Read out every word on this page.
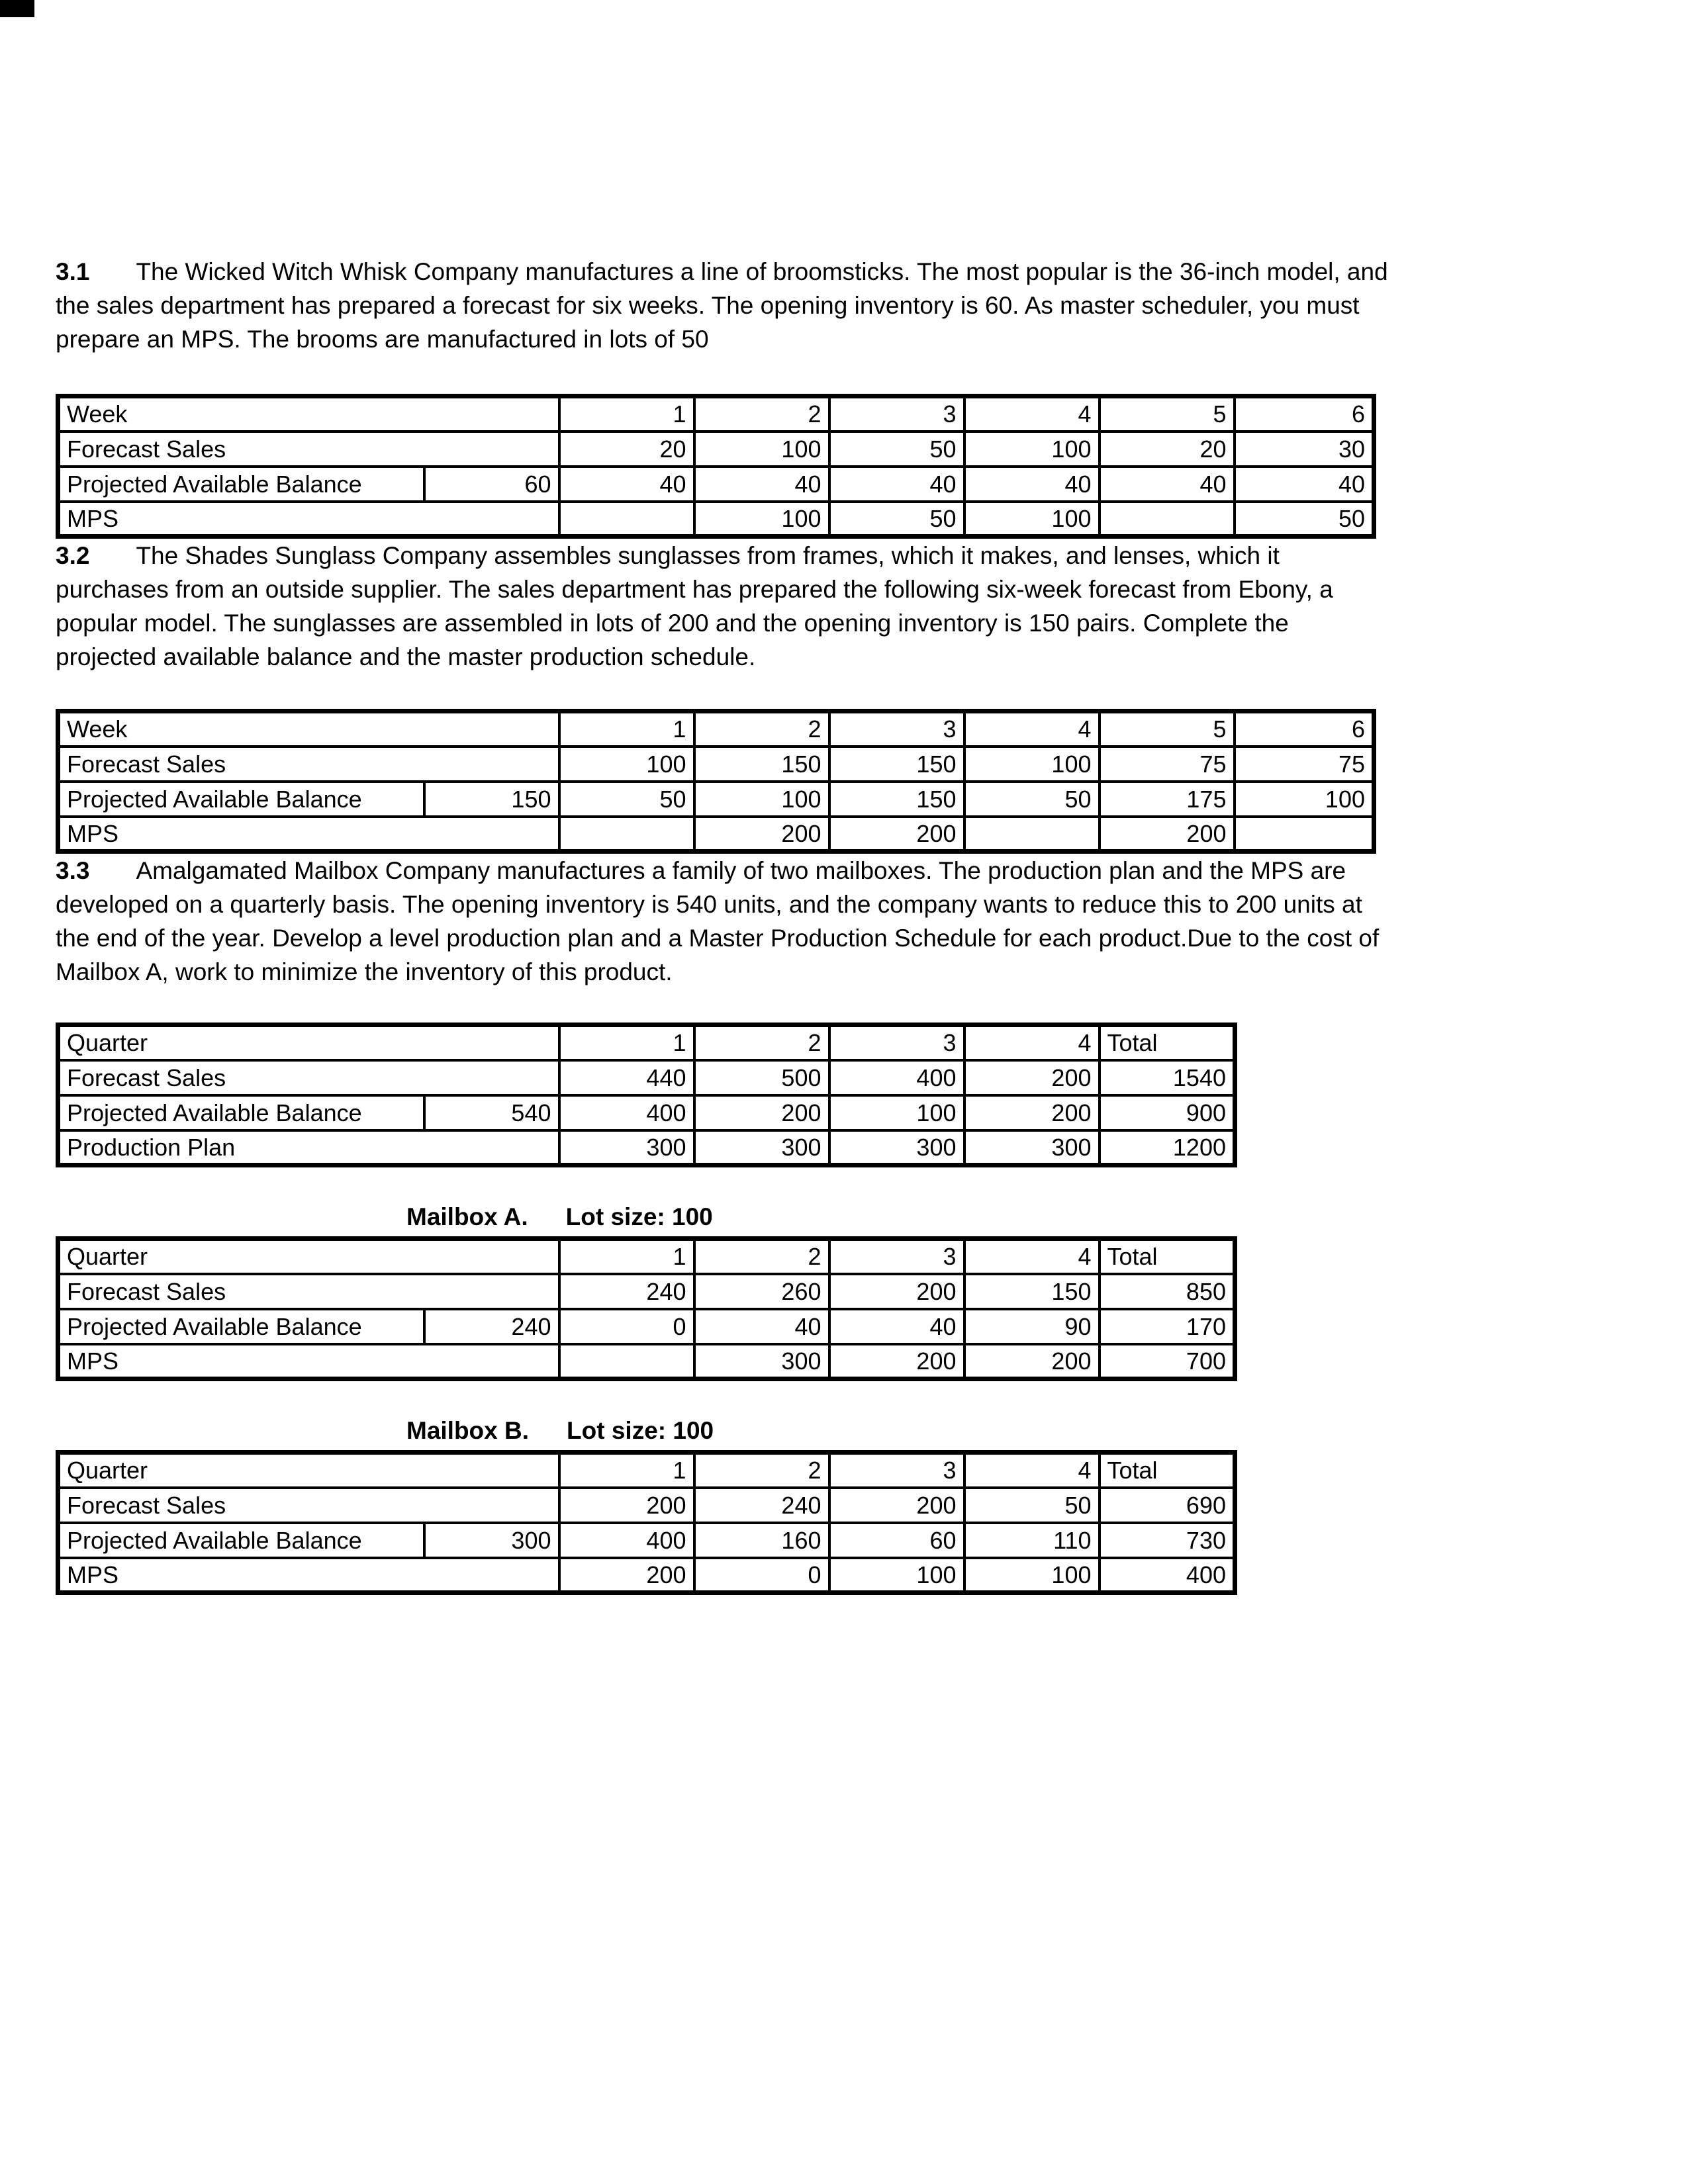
3.1 The Wicked Witch Whisk Company manufactures a line of broomsticks. The most popular is the 36-inch model, and the sales department has prepared a forecast for six weeks. The opening inventory is 60. As master scheduler, you must prepare an MPS. The brooms are manufactured in lots of 50

Week		1	2	3	4	5	6
Forecast Sales		20	100	50	100	20	30
Projected Available Balance	60	40	40	40	40	40	40
MPS			100	50	100		50

3.2 The Shades Sunglass Company assembles sunglasses from frames, which it makes, and lenses, which it purchases from an outside supplier. The sales department has prepared the following six-week forecast from Ebony, a popular model. The sunglasses are assembled in lots of 200 and the opening inventory is 150 pairs. Complete the projected available balance and the master production schedule.

Week		1	2	3	4	5	6
Forecast Sales		100	150	150	100	75	75
Projected Available Balance	150	50	100	150	50	175	100
MPS			200	200		200	

3.3 Amalgamated Mailbox Company manufactures a family of two mailboxes. The production plan and the MPS are developed on a quarterly basis. The opening inventory is 540 units, and the company wants to reduce this to 200 units at the end of the year. Develop a level production plan and a Master Production Schedule for each product.Due to the cost of Mailbox A, work to minimize the inventory of this product.

Quarter		1	2	3	4	Total
Forecast Sales		440	500	400	200	1540
Projected Available Balance	540	400	200	100	200	900
Production Plan		300	300	300	300	1200
Mailbox A. Lot size: 100
Quarter		1	2	3	4	Total
Forecast Sales		240	260	200	150	850
Projected Available Balance	240	0	40	40	90	170
MPS			300	200	200	700
Mailbox B. Lot size: 100
Quarter		1	2	3	4	Total
Forecast Sales		200	240	200	50	690
Projected Available Balance	300	400	160	60	110	730
MPS		200	0	100	100	400
